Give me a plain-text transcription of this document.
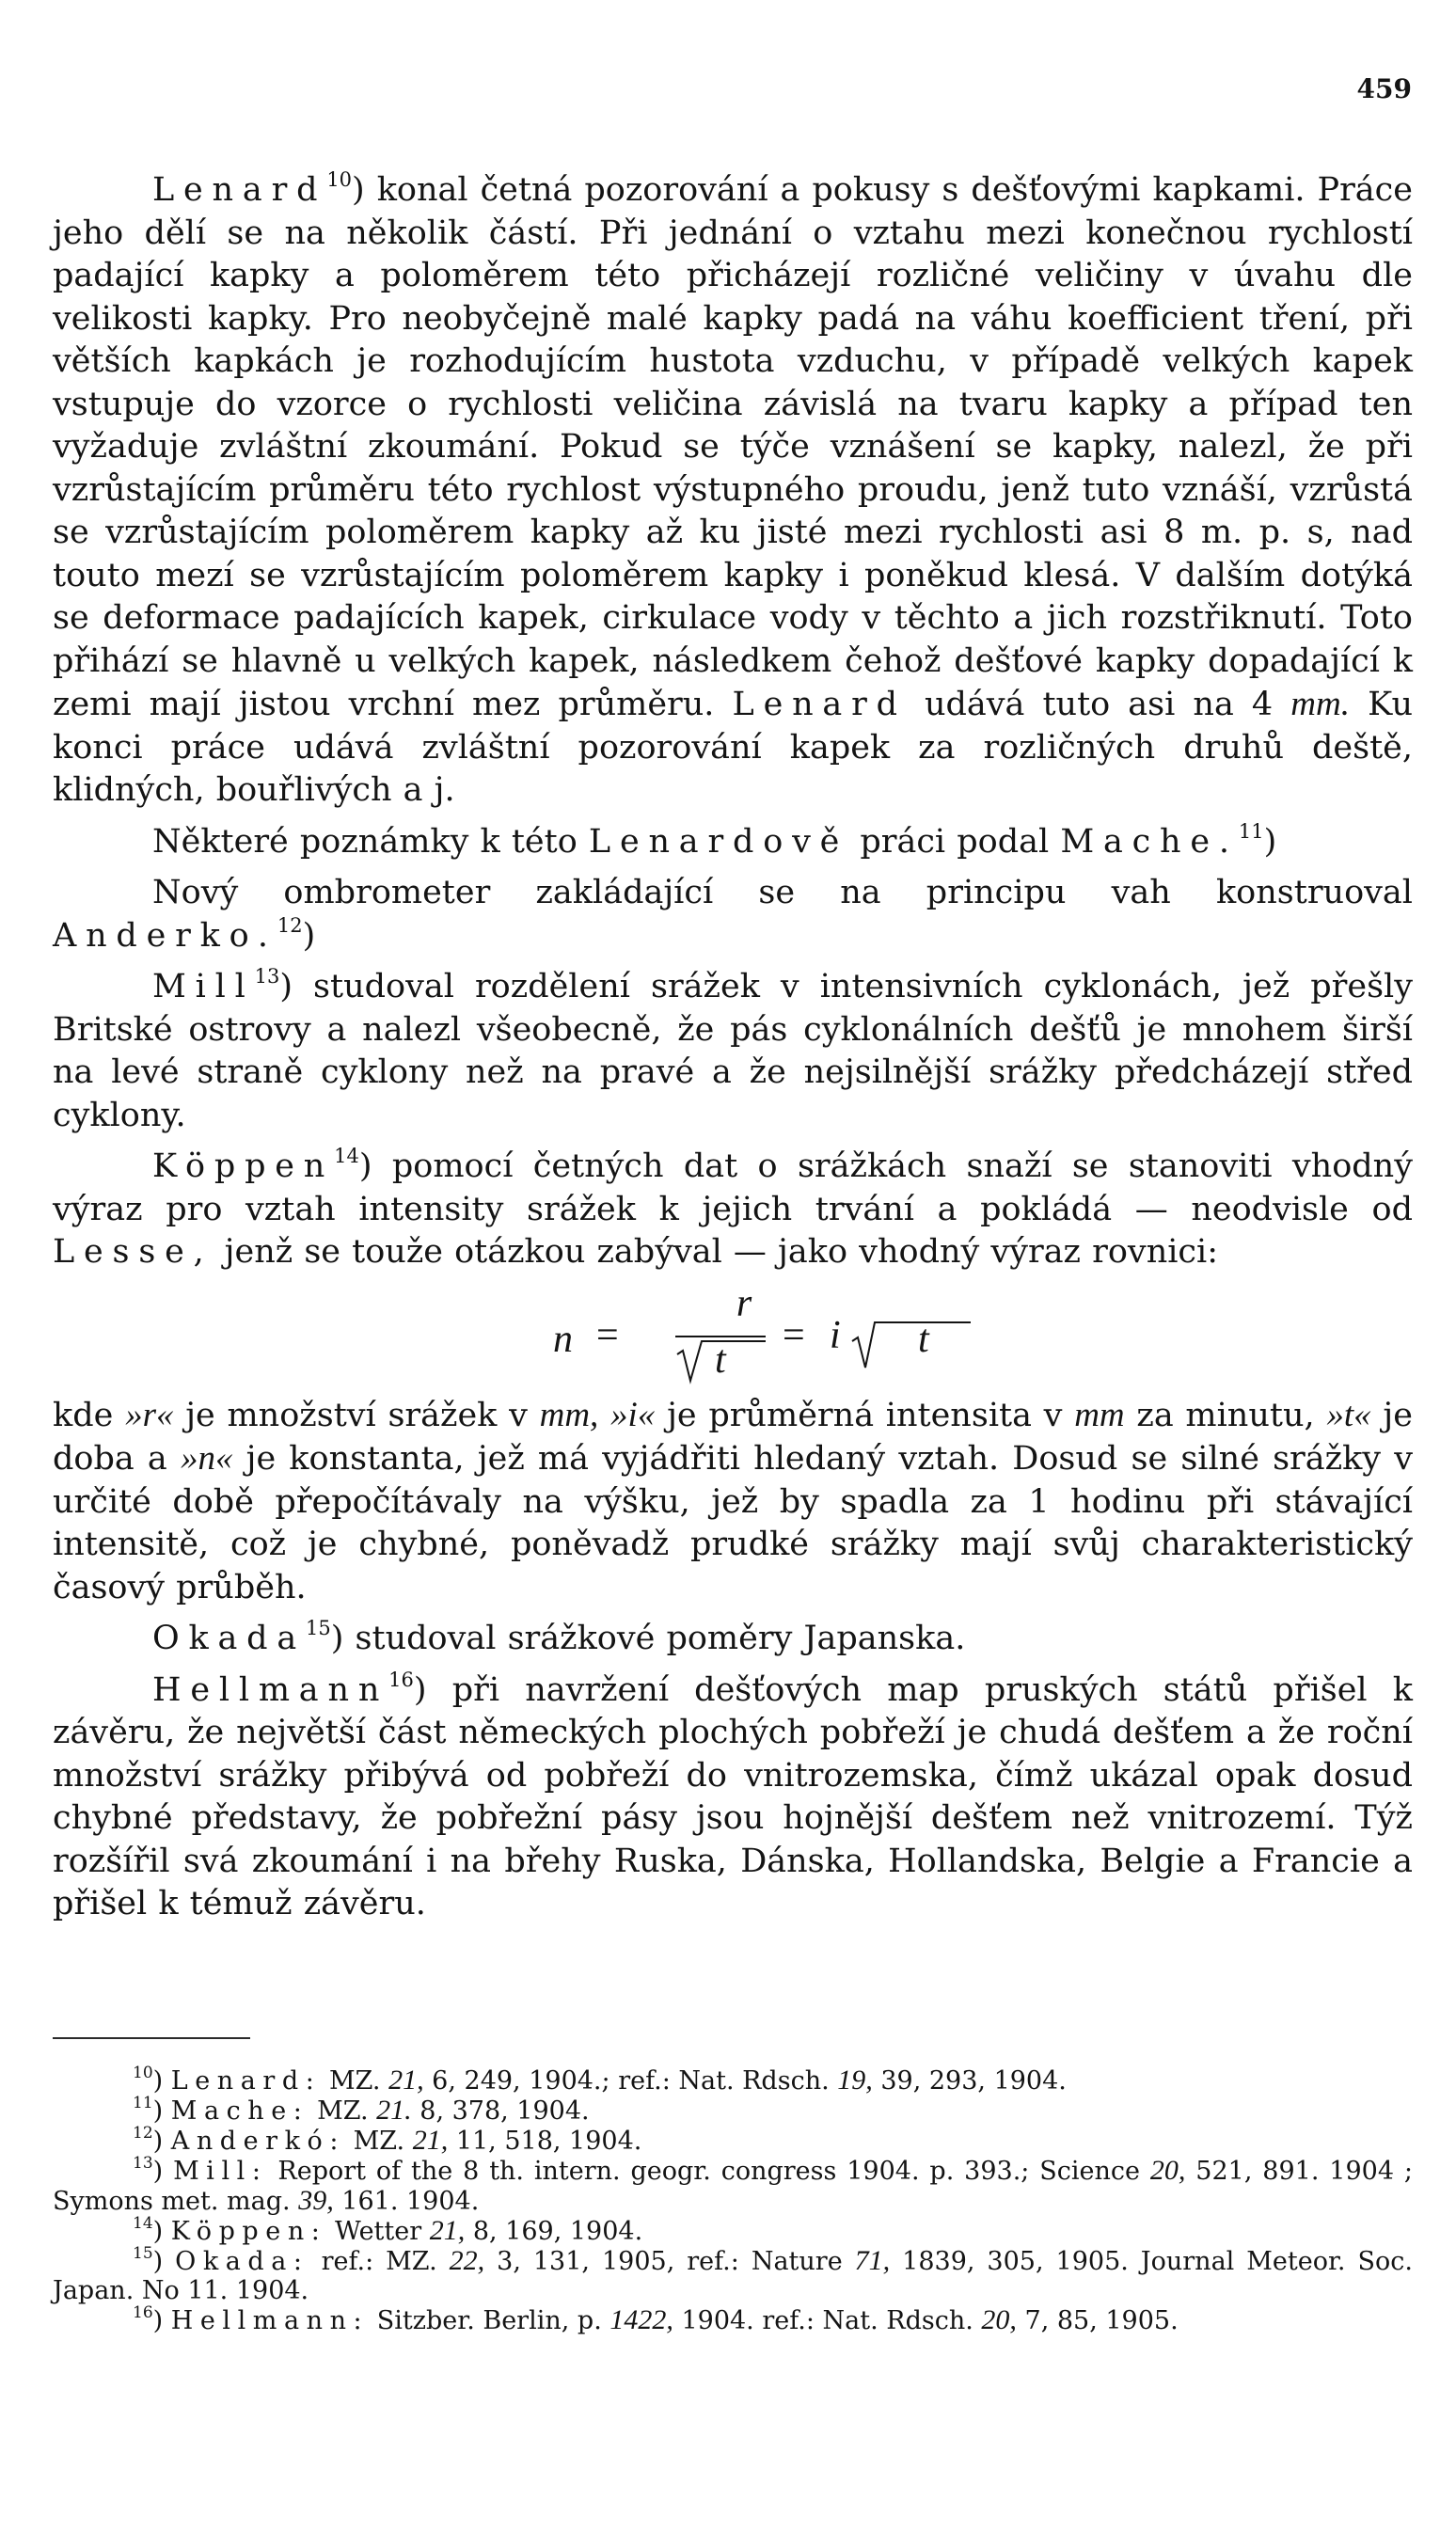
459

Lenard$^{10}$) konal četná pozorování a pokusy s dešťovými kapkami. Práce jeho dělí se na několik částí. Při jednání o vztahu mezi konečnou rychlostí padající kapky a poloměrem této přicházejí rozličné veličiny v úvahu dle velikosti kapky. Pro neobyčejně malé kapky padá na váhu koefficient tření, při větších kapkách je rozhodujícím hustota vzduchu, v případě velkých kapek vstupuje do vzorce o rychlosti veličina závislá na tvaru kapky a případ ten vyžaduje zvláštní zkoumání. Pokud se týče vznášení se kapky, nalezl, že při vzrůstajícím průměru této rychlost výstupného proudu, jenž tuto vznáší, vzrůstá se vzrůstajícím poloměrem kapky až ku jisté mezi rychlosti asi 8 m. p. s, nad touto mezí se vzrůstajícím poloměrem kapky i poněkud klesá. V dalším dotýká se deformace padajících kapek, cirkulace vody v těchto a jich rozstřiknutí. Toto přihází se hlavně u velkých kapek, následkem čehož dešťové kapky dopadající k zemi mají jistou vrchní mez průměru. Lenard udává tuto asi na 4 mm. Ku konci práce udává zvláštní pozorování kapek za rozličných druhů deště, klidných, bouřlivých a j.

Některé poznámky k této Lenardově práci podal Mache.$^{11}$)

Nový ombrometer zakládající se na principu vah konstruoval Anderko.$^{12}$)

Mill$^{13}$) studoval rozdělení srážek v intensivních cyklonách, jež přešly Britské ostrovy a nalezl všeobecně, že pás cyklonálních dešťů je mnohem širší na levé straně cyklony než na pravé a že nejsilnější srážky předcházejí střed cyklony.

Köppen$^{14}$) pomocí četných dat o srážkách snaží se stanoviti vhodný výraz pro vztah intensity srážek k jejich trvání a pokládá — neodvisle od Lesse, jenž se touže otázkou zabýval — jako vhodný výraz rovnici:

n =
r
t
= i t

kde »r« je množství srážek v mm, »i« je průměrná intensita v mm za minutu, »t« je doba a »n« je konstanta, jež má vyjádřiti hledaný vztah. Dosud se silné srážky v určité době přepočítávaly na výšku, jež by spadla za 1 hodinu při stávající intensitě, což je chybné, poněvadž prudké srážky mají svůj charakteristický časový průběh.

Okada$^{15}$) studoval srážkové poměry Japanska.

Hellmann$^{16}$) při navržení dešťových map pruských států přišel k závěru, že největší část německých plochých pobřeží je chudá dešťem a že roční množství srážky přibývá od pobřeží do vnitrozemska, čímž ukázal opak dosud chybné představy, že pobřežní pásy jsou hojnější dešťem než vnitrozemí. Týž rozšířil svá zkoumání i na břehy Ruska, Dánska, Hollandska, Belgie a Francie a přišel k témuž závěru.

$^{10}$) Lenard: MZ. 21, 6, 249, 1904.; ref.: Nat. Rdsch. 19, 39, 293, 1904.

$^{11}$) Mache: MZ. 21. 8, 378, 1904.

$^{12}$) Anderkó: MZ. 21, 11, 518, 1904.

$^{13}$) Mill: Report of the 8 th. intern. geogr. congress 1904. p. 393.; Science 20, 521, 891. 1904 ; Symons met. mag. 39, 161. 1904.

$^{14}$) Köppen: Wetter 21, 8, 169, 1904.

$^{15}$) Okada: ref.: MZ. 22, 3, 131, 1905, ref.: Nature 71, 1839, 305, 1905. Journal Meteor. Soc. Japan. No 11. 1904.

$^{16}$) Hellmann: Sitzber. Berlin, p. 1422, 1904. ref.: Nat. Rdsch. 20, 7, 85, 1905.
